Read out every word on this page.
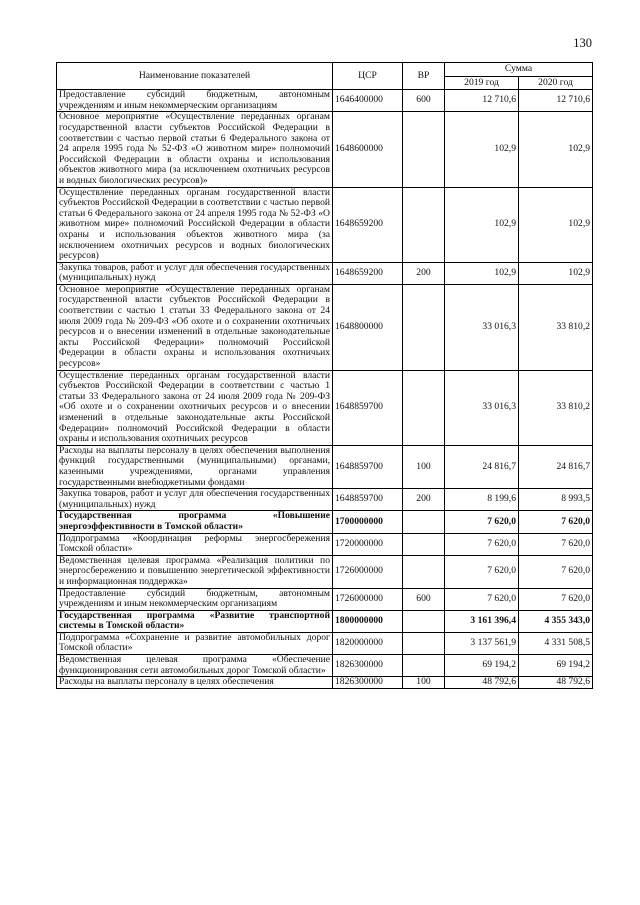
130
Наименование показателей	ЦСР	ВР	Сумма	
			2019 год	2020 год
Предоставление субсидий бюджетным, автономным учреждениям и иным некоммерческим организациям	1646400000	600	12 710,6	12 710,6
Основное мероприятие «Осуществление переданных органам государственной власти субъектов Российской Федерации в соответствии с частью первой статьи 6 Федерального закона от 24 апреля 1995 года № 52-ФЗ «О животном мире» полномочий Российской Федерации в области охраны и использования объектов животного мира (за исключением охотничьих ресурсов и водных биологических ресурсов)»	1648600000		102,9	102,9
Осуществление переданных органам государственной власти субъектов Российской Федерации в соответствии с частью первой статьи 6 Федерального закона от 24 апреля 1995 года № 52-ФЗ «О животном мире» полномочий Российской Федерации в области охраны и использования объектов животного мира (за исключением охотничьих ресурсов и водных биологических ресурсов)	1648659200		102,9	102,9
Закупка товаров, работ и услуг для обеспечения государственных (муниципальных) нужд	1648659200	200	102,9	102,9
Основное мероприятие «Осуществление переданных органам государственной власти субъектов Российской Федерации в соответствии с частью 1 статьи 33 Федерального закона от 24 июля 2009 года № 209-ФЗ «Об охоте и о сохранении охотничьих ресурсов и о внесении изменений в отдельные законодательные акты Российской Федерации» полномочий Российской Федерации в области охраны и использования охотничьих ресурсов»	1648800000		33 016,3	33 810,2
Осуществление переданных органам государственной власти субъектов Российской Федерации в соответствии с частью 1 статьи 33 Федерального закона от 24 июля 2009 года № 209-ФЗ «Об охоте и о сохранении охотничьих ресурсов и о внесении изменений в отдельные законодательные акты Российской Федерации» полномочий Российской Федерации в области охраны и использования охотничьих ресурсов	1648859700		33 016,3	33 810,2
Расходы на выплаты персоналу в целях обеспечения выполнения функций государственными (муниципальными) органами, казенными учреждениями, органами управления государственными внебюджетными фондами	1648859700	100	24 816,7	24 816,7
Закупка товаров, работ и услуг для обеспечения государственных (муниципальных) нужд	1648859700	200	8 199,6	8 993,5
Государственная программа «Повышение энергоэффективности в Томской области»	1700000000		7 620,0	7 620,0
Подпрограмма «Координация реформы энергосбережения Томской области»	1720000000		7 620,0	7 620,0
Ведомственная целевая программа «Реализация политики по энергосбережению и повышению энергетической эффективности и информационная поддержка»	1726000000		7 620,0	7 620,0
Предоставление субсидий бюджетным, автономным учреждениям и иным некоммерческим организациям	1726000000	600	7 620,0	7 620,0
Государственная программа «Развитие транспортной системы в Томской области»	1800000000		3 161 396,4	4 355 343,0
Подпрограмма «Сохранение и развитие автомобильных дорог Томской области»	1820000000		3 137 561,9	4 331 508,5
Ведомственная целевая программа «Обеспечение функционирования сети автомобильных дорог Томской области»	1826300000		69 194,2	69 194,2
Расходы на выплаты персоналу в целях обеспечения	1826300000	100	48 792,6	48 792,6
